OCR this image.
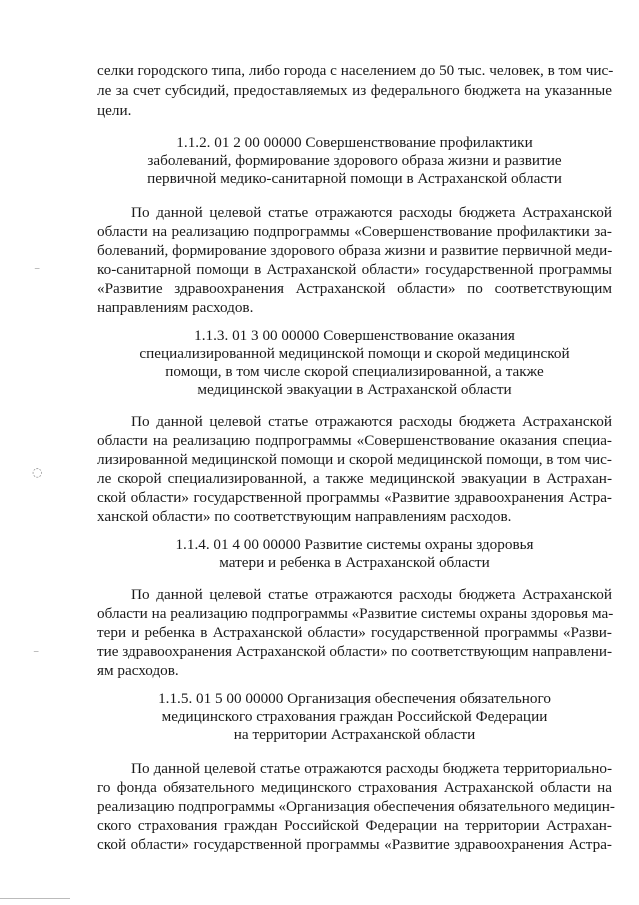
селки городского типа, либо города с населением до 50 тыс. человек, в том чис-
ле за счет субсидий, предоставляемых из федерального бюджета на указанные
цели.
1.1.2. 01 2 00 00000 Совершенствование профилактики
заболеваний, формирование здорового образа жизни и развитие
первичной медико-санитарной помощи в Астраханской области
По данной целевой статье отражаются расходы бюджета Астраханской
области на реализацию подпрограммы «Совершенствование профилактики за-
болеваний, формирование здорового образа жизни и развитие первичной меди-
ко-санитарной помощи в Астраханской области» государственной программы
«Развитие здравоохранения Астраханской области» по соответствующим
направлениям расходов.
1.1.3. 01 3 00 00000 Совершенствование оказания
специализированной медицинской помощи и скорой медицинской
помощи, в том числе скорой специализированной, а также
медицинской эвакуации в Астраханской области
По данной целевой статье отражаются расходы бюджета Астраханской
области на реализацию подпрограммы «Совершенствование оказания специа-
лизированной медицинской помощи и скорой медицинской помощи, в том чис-
ле скорой специализированной, а также медицинской эвакуации в Астрахан-
ской области» государственной программы «Развитие здравоохранения Астра-
ханской области» по соответствующим направлениям расходов.
1.1.4. 01 4 00 00000 Развитие системы охраны здоровья
матери и ребенка в Астраханской области
По данной целевой статье отражаются расходы бюджета Астраханской
области на реализацию подпрограммы «Развитие системы охраны здоровья ма-
тери и ребенка в Астраханской области» государственной программы «Разви-
тие здравоохранения Астраханской области» по соответствующим направлени-
ям расходов.
1.1.5. 01 5 00 00000 Организация обеспечения обязательного
медицинского страхования граждан Российской Федерации
на территории Астраханской области
По данной целевой статье отражаются расходы бюджета территориально-
го фонда обязательного медицинского страхования Астраханской области на
реализацию подпрограммы «Организация обеспечения обязательного медицин-
ского страхования граждан Российской Федерации на территории Астрахан-
ской области» государственной программы «Развитие здравоохранения Астра-
⁻
◌
⁻
